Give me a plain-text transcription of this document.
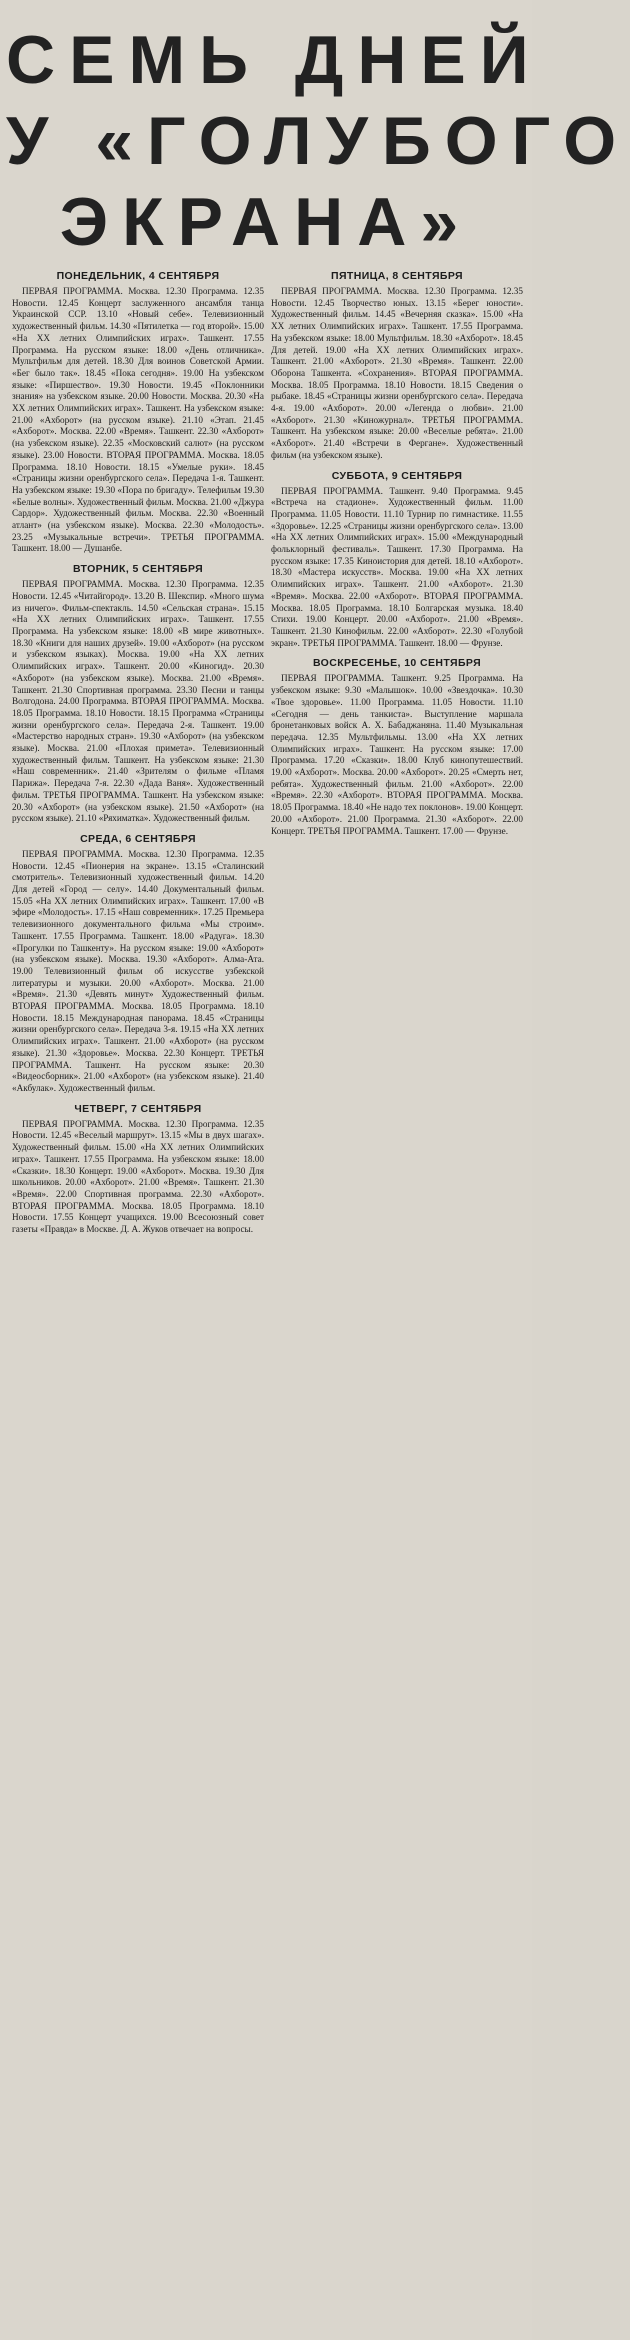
СЕМЬ ДНЕЙ
У «ГОЛУБОГО
ЭКРАНА»
ПОНЕДЕЛЬНИК, 4 СЕНТЯБРЯ

ПЕРВАЯ ПРОГРАММА. Москва. 12.30 Программа. 12.35 Новости. 12.45 Концерт заслуженного ансамбля танца Украинской ССР. 13.10 «Новый себе». Телевизионный художественный фильм. 14.30 «Пятилетка — год второй». 15.00 «На XX летних Олимпийских играх». Ташкент. 17.55 Программа. На русском языке: 18.00 «День отличника». Мультфильм для детей. 18.30 Для воинов Советской Армии. «Бег было так». 18.45 «Пока сегодня». 19.00 На узбекском языке: «Пиршество». 19.30 Новости. 19.45 «Поклонники знания» на узбекском языке. 20.00 Новости. Москва. 20.30 «На XX летних Олимпийских играх». Ташкент. На узбекском языке: 21.00 «Ахборот» (на русском языке). 21.10 «Этап. 21.45 «Ахборот». Москва. 22.00 «Время». Ташкент. 22.30 «Ахборот» (на узбекском языке). 22.35 «Московский салют» (на русском языке). 23.00 Новости. ВТОРАЯ ПРОГРАММА. Москва. 18.05 Программа. 18.10 Новости. 18.15 «Умелые руки». 18.45 «Страницы жизни оренбургского села». Передача 1-я. Ташкент. На узбекском языке: 19.30 «Пора по бригаду». Телефильм 19.30 «Белые волны». Художественный фильм. Москва. 21.00 «Джура Сардор». Художественный фильм. Москва. 22.30 «Военный атлант» (на узбекском языке). Москва. 22.30 «Молодость». 23.25 «Музыкальные встречи». ТРЕТЬЯ ПРОГРАММА. Ташкент. 18.00 — Душанбе.

ВТОРНИК, 5 СЕНТЯБРЯ

ПЕРВАЯ ПРОГРАММА. Москва. 12.30 Программа. 12.35 Новости. 12.45 «Читайгород». 13.20 В. Шекспир. «Много шума из ничего». Фильм-спектакль. 14.50 «Сельская страна». 15.15 «На XX летних Олимпийских играх». Ташкент. 17.55 Программа. На узбекском языке: 18.00 «В мире животных». 18.30 «Книги для наших друзей». 19.00 «Ахборот» (на русском и узбекском языках). Москва. 19.00 «На XX летних Олимпийских играх». Ташкент. 20.00 «Киногид». 20.30 «Ахборот» (на узбекском языке). Москва. 21.00 «Время». Ташкент. 21.30 Спортивная программа. 23.30 Песни и танцы Волгодона. 24.00 Программа. ВТОРАЯ ПРОГРАММА. Москва. 18.05 Программа. 18.10 Новости. 18.15 Программа «Страницы жизни оренбургского села». Передача 2-я. Ташкент. 19.00 «Мастерство народных стран». 19.30 «Ахборот» (на узбекском языке). Москва. 21.00 «Плохая примета». Телевизионный художественный фильм. Ташкент. На узбекском языке: 21.30 «Наш современник». 21.40 «Зрителям о фильме «Пламя Парижа». Передача 7-я. 22.30 «Дада Ваня». Художественный фильм. ТРЕТЬЯ ПРОГРАММА. Ташкент. На узбекском языке: 20.30 «Ахборот» (на узбекском языке). 21.50 «Ахборот» (на русском языке). 21.10 «Ряхиматка». Художественный фильм.

СРЕДА, 6 СЕНТЯБРЯ

ПЕРВАЯ ПРОГРАММА. Москва. 12.30 Программа. 12.35 Новости. 12.45 «Пионерия на экране». 13.15 «Сталинский смотритель». Телевизионный художественный фильм. 14.20 Для детей «Город — селу». 14.40 Документальный фильм. 15.05 «На XX летних Олимпийских играх». Ташкент. 17.00 «В эфире «Молодость». 17.15 «Наш современник». 17.25 Премьера телевизионного документального фильма «Мы строим». Ташкент. 17.55 Программа. Ташкент. 18.00 «Радуга». 18.30 «Прогулки по Ташкенту». На русском языке: 19.00 «Ахборот» (на узбекском языке). Москва. 19.30 «Ахборот». Алма-Ата. 19.00 Телевизионный фильм об искусстве узбекской литературы и музыки. 20.00 «Ахборот». Москва. 21.00 «Время». 21.30 «Девять минут» Художественный фильм. ВТОРАЯ ПРОГРАММА. Москва. 18.05 Программа. 18.10 Новости. 18.15 Международная панорама. 18.45 «Страницы жизни оренбургского села». Передача 3-я. 19.15 «На XX летних Олимпийских играх». Ташкент. 21.00 «Ахборот» (на русском языке). 21.30 «Здоровье». Москва. 22.30 Концерт. ТРЕТЬЯ ПРОГРАММА. Ташкент. На русском языке: 20.30 «Видеосборник». 21.00 «Ахборот» (на узбекском языке). 21.40 «Акбулак». Художественный фильм.

ЧЕТВЕРГ, 7 СЕНТЯБРЯ

ПЕРВАЯ ПРОГРАММА. Москва. 12.30 Программа. 12.35 Новости. 12.45 «Веселый маршрут». 13.15 «Мы в двух шагах». Художественный фильм. 15.00 «На XX летних Олимпийских играх». Ташкент. 17.55 Программа. На узбекском языке: 18.00 «Сказки». 18.30 Концерт. 19.00 «Ахборот». Москва. 19.30 Для школьников. 20.00 «Ахборот». 21.00 «Время». Ташкент. 21.30 «Время». 22.00 Спортивная программа. 22.30 «Ахборот». ВТОРАЯ ПРОГРАММА. Москва. 18.05 Программа. 18.10 Новости. 17.55 Концерт учащихся. 19.00 Всесоюзный совет газеты «Правда» в Москве. Д. А. Жуков отвечает на вопросы.

ПЯТНИЦА, 8 СЕНТЯБРЯ

ПЕРВАЯ ПРОГРАММА. Москва. 12.30 Программа. 12.35 Новости. 12.45 Творчество юных. 13.15 «Берег юности». Художественный фильм. 14.45 «Вечерняя сказка». 15.00 «На XX летних Олимпийских играх». Ташкент. 17.55 Программа. На узбекском языке: 18.00 Мультфильм. 18.30 «Ахборот». 18.45 Для детей. 19.00 «На XX летних Олимпийских играх». Ташкент. 21.00 «Ахборот». 21.30 «Время». Ташкент. 22.00 Оборона Ташкента. «Сохранения». ВТОРАЯ ПРОГРАММА. Москва. 18.05 Программа. 18.10 Новости. 18.15 Сведения о рыбаке. 18.45 «Страницы жизни оренбургского села». Передача 4-я. 19.00 «Ахборот». 20.00 «Легенда о любви». 21.00 «Ахборот». 21.30 «Киножурнал». ТРЕТЬЯ ПРОГРАММА. Ташкент. На узбекском языке: 20.00 «Веселые ребята». 21.00 «Ахборот». 21.40 «Встречи в Фергане». Художественный фильм (на узбекском языке).

СУББОТА, 9 СЕНТЯБРЯ

ПЕРВАЯ ПРОГРАММА. Ташкент. 9.40 Программа. 9.45 «Встреча на стадионе». Художественный фильм. 11.00 Программа. 11.05 Новости. 11.10 Турнир по гимнастике. 11.55 «Здоровье». 12.25 «Страницы жизни оренбургского села». 13.00 «На XX летних Олимпийских играх». 15.00 «Международный фольклорный фестиваль». Ташкент. 17.30 Программа. На русском языке: 17.35 Киноистория для детей. 18.10 «Ахборот». 18.30 «Мастера искусств». Москва. 19.00 «На XX летних Олимпийских играх». Ташкент. 21.00 «Ахборот». 21.30 «Время». Москва. 22.00 «Ахборот». ВТОРАЯ ПРОГРАММА. Москва. 18.05 Программа. 18.10 Болгарская музыка. 18.40 Стихи. 19.00 Концерт. 20.00 «Ахборот». 21.00 «Время». Ташкент. 21.30 Кинофильм. 22.00 «Ахборот». 22.30 «Голубой экран». ТРЕТЬЯ ПРОГРАММА. Ташкент. 18.00 — Фрунзе.

ВОСКРЕСЕНЬЕ, 10 СЕНТЯБРЯ

ПЕРВАЯ ПРОГРАММА. Ташкент. 9.25 Программа. На узбекском языке: 9.30 «Малышок». 10.00 «Звездочка». 10.30 «Твое здоровье». 11.00 Программа. 11.05 Новости. 11.10 «Сегодня — день танкиста». Выступление маршала бронетанковых войск А. Х. Бабаджаняна. 11.40 Музыкальная передача. 12.35 Мультфильмы. 13.00 «На XX летних Олимпийских играх». Ташкент. На русском языке: 17.00 Программа. 17.20 «Сказки». 18.00 Клуб кинопутешествий. 19.00 «Ахборот». Москва. 20.00 «Ахборот». 20.25 «Смерть нет, ребята». Художественный фильм. 21.00 «Ахборот». 22.00 «Время». 22.30 «Ахборот». ВТОРАЯ ПРОГРАММА. Москва. 18.05 Программа. 18.40 «Не надо тех поклонов». 19.00 Концерт. 20.00 «Ахборот». 21.00 Программа. 21.30 «Ахборот». 22.00 Концерт. ТРЕТЬЯ ПРОГРАММА. Ташкент. 17.00 — Фрунзе.
